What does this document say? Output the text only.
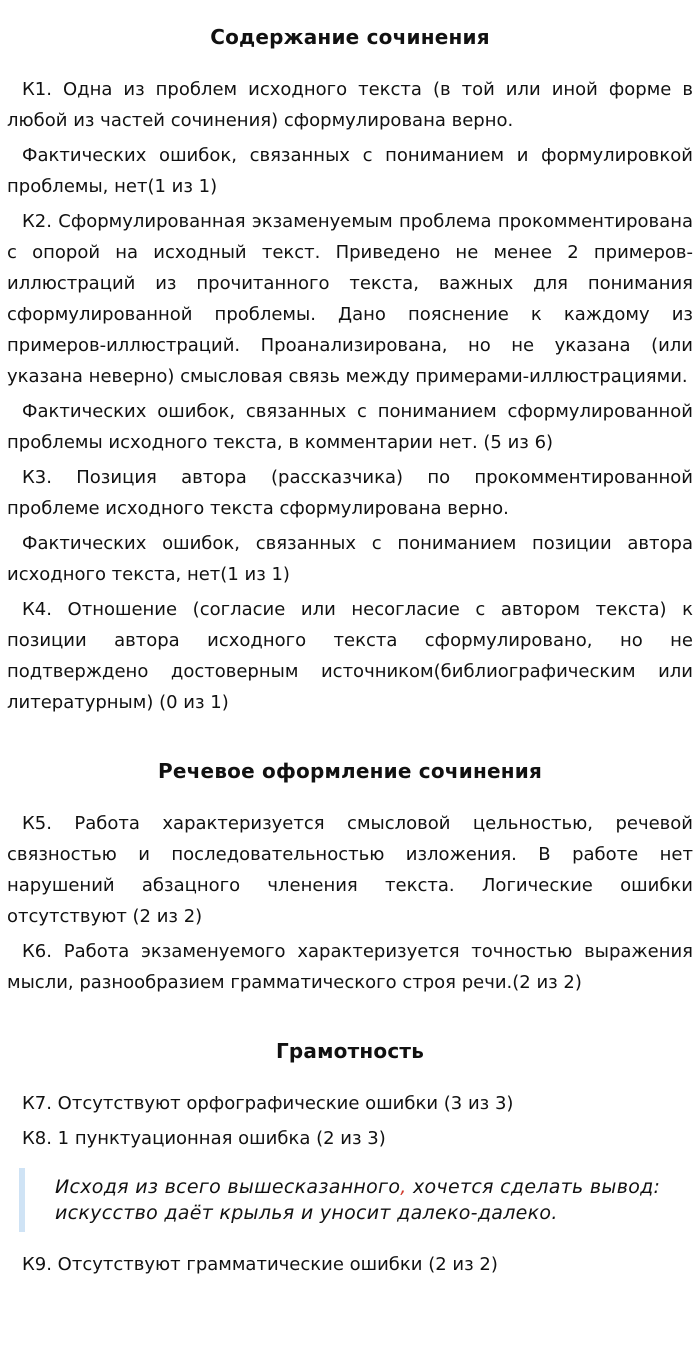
Содержание сочинения

К1. Одна из проблем исходного текста (в той или иной форме в любой из частей сочинения) сформулирована верно.

Фактических ошибок, связанных с пониманием и формулировкой проблемы, нет(1 из 1)

К2. Сформулированная экзаменуемым проблема прокомментирована с опорой на исходный текст. Приведено не менее 2 примеров-иллюстраций из прочитанного текста, важных для понимания сформулированной проблемы. Дано пояснение к каждому из примеров-иллюстраций. Проанализирована, но не указана (или указана неверно) смысловая связь между примерами-иллюстрациями.

Фактических ошибок, связанных с пониманием сформулированной проблемы исходного текста, в комментарии нет. (5 из 6)

К3. Позиция автора (рассказчика) по прокомментированной проблеме исходного текста сформулирована верно.

Фактических ошибок, связанных с пониманием позиции автора исходного текста, нет(1 из 1)

К4. Отношение (согласие или несогласие с автором текста) к позиции автора исходного текста сформулировано, но не подтверждено достоверным источником(библиографическим или литературным) (0 из 1)

Речевое оформление сочинения

К5. Работа характеризуется смысловой цельностью, речевой связностью и последовательностью изложения. В работе нет нарушений абзацного членения текста. Логические ошибки отсутствуют (2 из 2)

К6. Работа экзаменуемого характеризуется точностью выражения мысли, разнообразием грамматического строя речи.(2 из 2)

Грамотность

К7. Отсутствуют орфографические ошибки (3 из 3)

К8. 1 пунктуационная ошибка (2 из 3)

Исходя из всего вышесказанного, хочется сделать вывод: искусство даёт крылья и уносит далеко-далеко.

К9. Отсутствуют грамматические ошибки (2 из 2)
